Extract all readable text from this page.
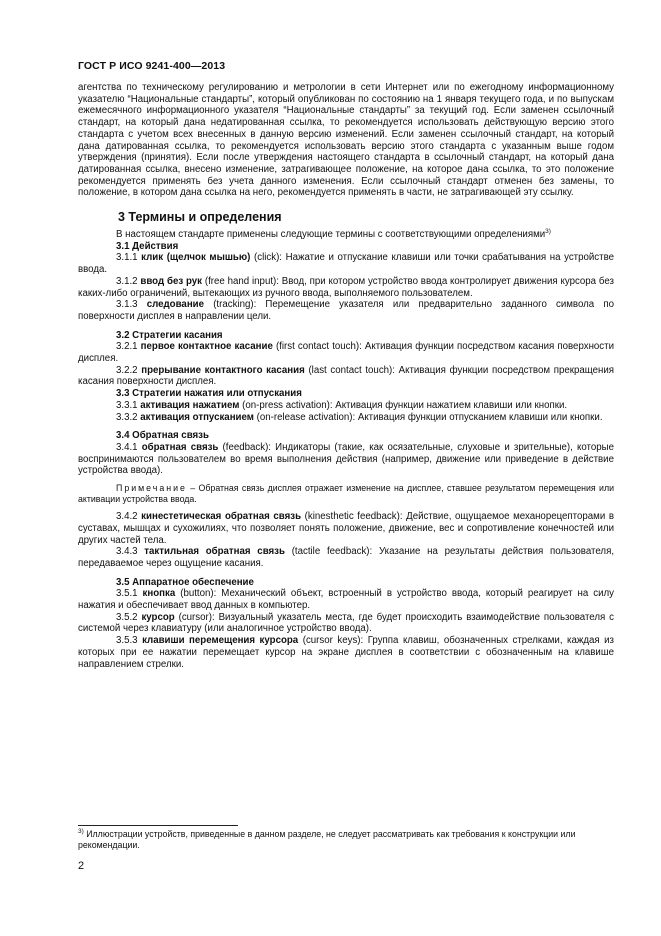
ГОСТ Р ИСО 9241-400—2013

агентства по техническому регулированию и метрологии в сети Интернет или по ежегодному информационному указателю “Национальные стандарты”, который опубликован по состоянию на 1 января текущего года, и по выпускам ежемесячного информационного указателя “Национальные стандарты” за текущий год. Если заменен ссылочный стандарт, на который дана недатированная ссылка, то рекомендуется использовать действующую версию этого стандарта с учетом всех внесенных в данную версию изменений. Если заменен ссылочный стандарт, на который дана датированная ссылка, то рекомендуется использовать версию этого стандарта с указанным выше годом утверждения (принятия). Если после утверждения настоящего стандарта в ссылочный стандарт, на который дана датированная ссылка, внесено изменение, затрагивающее положение, на которое дана ссылка, то это положение рекомендуется применять без учета данного изменения. Если ссылочный стандарт отменен без замены, то положение, в котором дана ссылка на него, рекомендуется применять в части, не затрагивающей эту ссылку.

3 Термины и определения

В настоящем стандарте применены следующие термины с соответствующими определениями$^{3)}$

3.1 Действия

3.1.1 клик (щелчок мышью) (click): Нажатие и отпускание клавиши или точки срабатывания на устройстве ввода.

3.1.2 ввод без рук (free hand input): Ввод, при котором устройство ввода контролирует движения курсора без каких-либо ограничений, вытекающих из ручного ввода, выполняемого пользователем.

3.1.3 следование (tracking): Перемещение указателя или предварительно заданного символа по поверхности дисплея в направлении цели.

3.2 Стратегии касания

3.2.1 первое контактное касание (first contact touch): Активация функции посредством касания поверхности дисплея.

3.2.2 прерывание контактного касания (last contact touch): Активация функции посредством прекращения касания поверхности дисплея.

3.3 Стратегии нажатия или отпускания

3.3.1 активация нажатием (on-press activation): Активация функции нажатием клавиши или кнопки.

3.3.2 активация отпусканием (on-release activation): Активация функции отпусканием клавиши или кнопки.

3.4 Обратная связь

3.4.1 обратная связь (feedback): Индикаторы (такие, как осязательные, слуховые и зрительные), которые воспринимаются пользователем во время выполнения действия (например, движение или приведение в действие устройства ввода).

Примечание – Обратная связь дисплея отражает изменение на дисплее, ставшее результатом перемещения или активации устройства ввода.

3.4.2 кинестетическая обратная связь (kinesthetic feedback): Действие, ощущаемое механорецепторами в суставах, мышцах и сухожилиях, что позволяет понять положение, движение, вес и сопротивление конечностей или других частей тела.

3.4.3 тактильная обратная связь (tactile feedback): Указание на результаты действия пользователя, передаваемое через ощущение касания.

3.5 Аппаратное обеспечение

3.5.1 кнопка (button): Механический объект, встроенный в устройство ввода, который реагирует на силу нажатия и обеспечивает ввод данных в компьютер.

3.5.2 курсор (cursor): Визуальный указатель места, где будет происходить взаимодействие пользователя с системой через клавиатуру (или аналогичное устройство ввода).

3.5.3 клавиши перемещения курсора (cursor keys): Группа клавиш, обозначенных стрелками, каждая из которых при ее нажатии перемещает курсор на экране дисплея в соответствии с обозначенным на клавише направлением стрелки.

$^{3)}$ Иллюстрации устройств, приведенные в данном разделе, не следует рассматривать как требования к конструкции или рекомендации.
2
